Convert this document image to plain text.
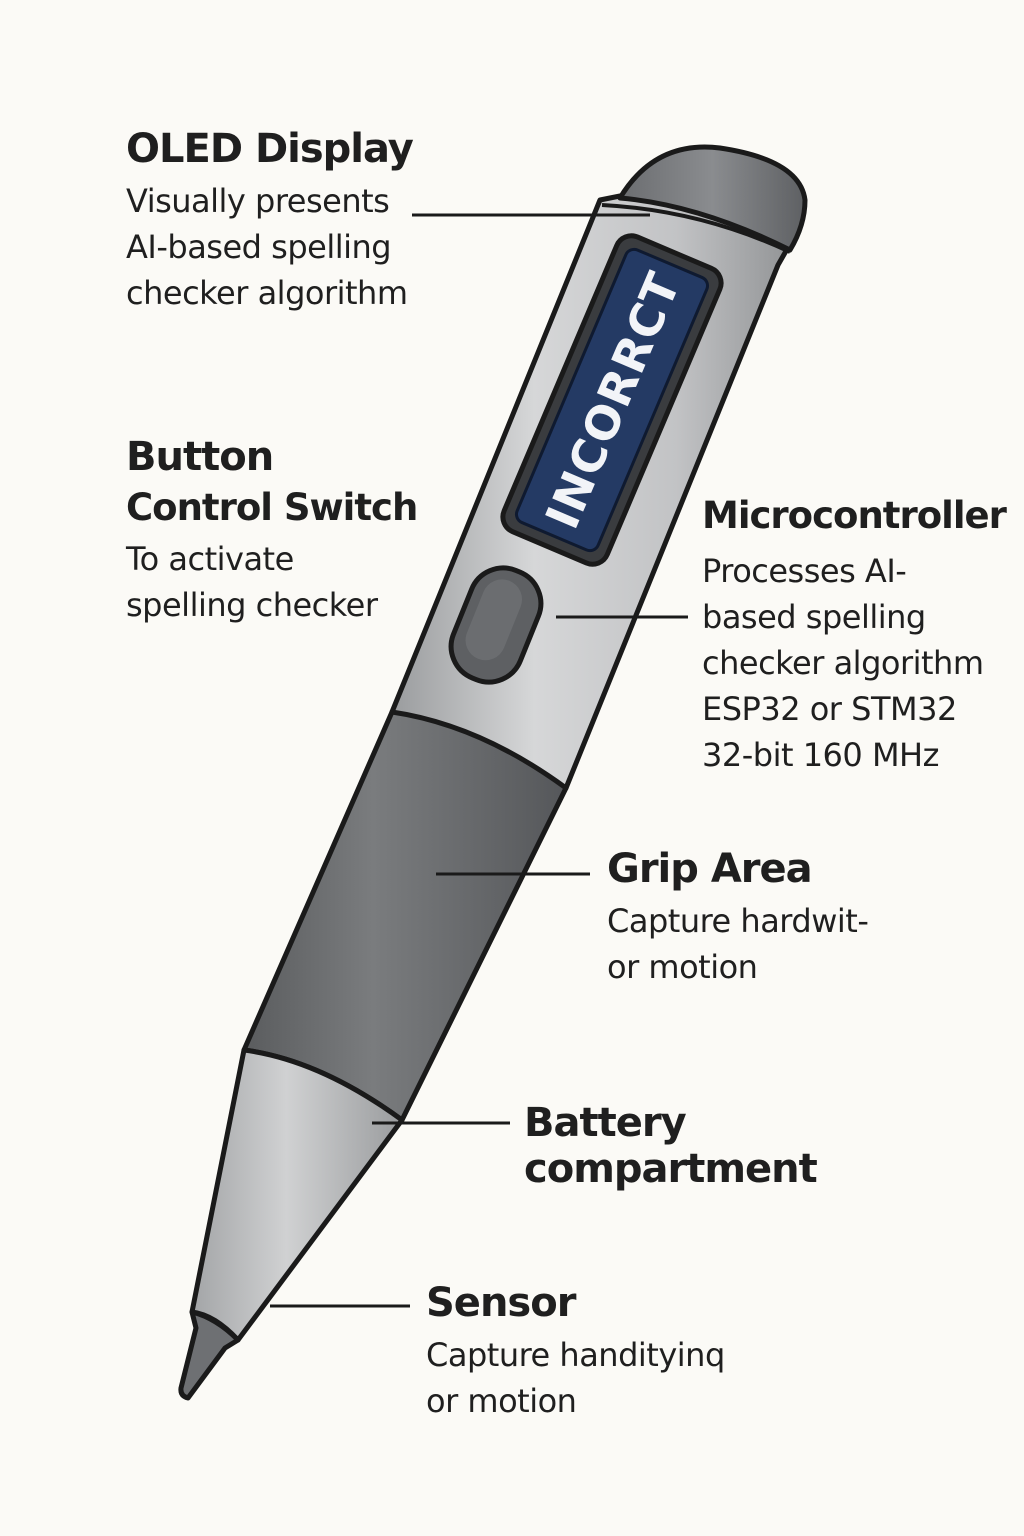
INCORRCT
OLED Display
Visually presents
AI-based spelling
checker algorithm
Button
Control Switch
To activate
spelling checker
Microcontroller
Processes AI-
based spelling
checker algorithm
ESP32 or STM32
32-bit 160 MHz
Grip Area
Capture hardwit-
or motion
Battery
compartment
Sensor
Capture handityinq
or motion
